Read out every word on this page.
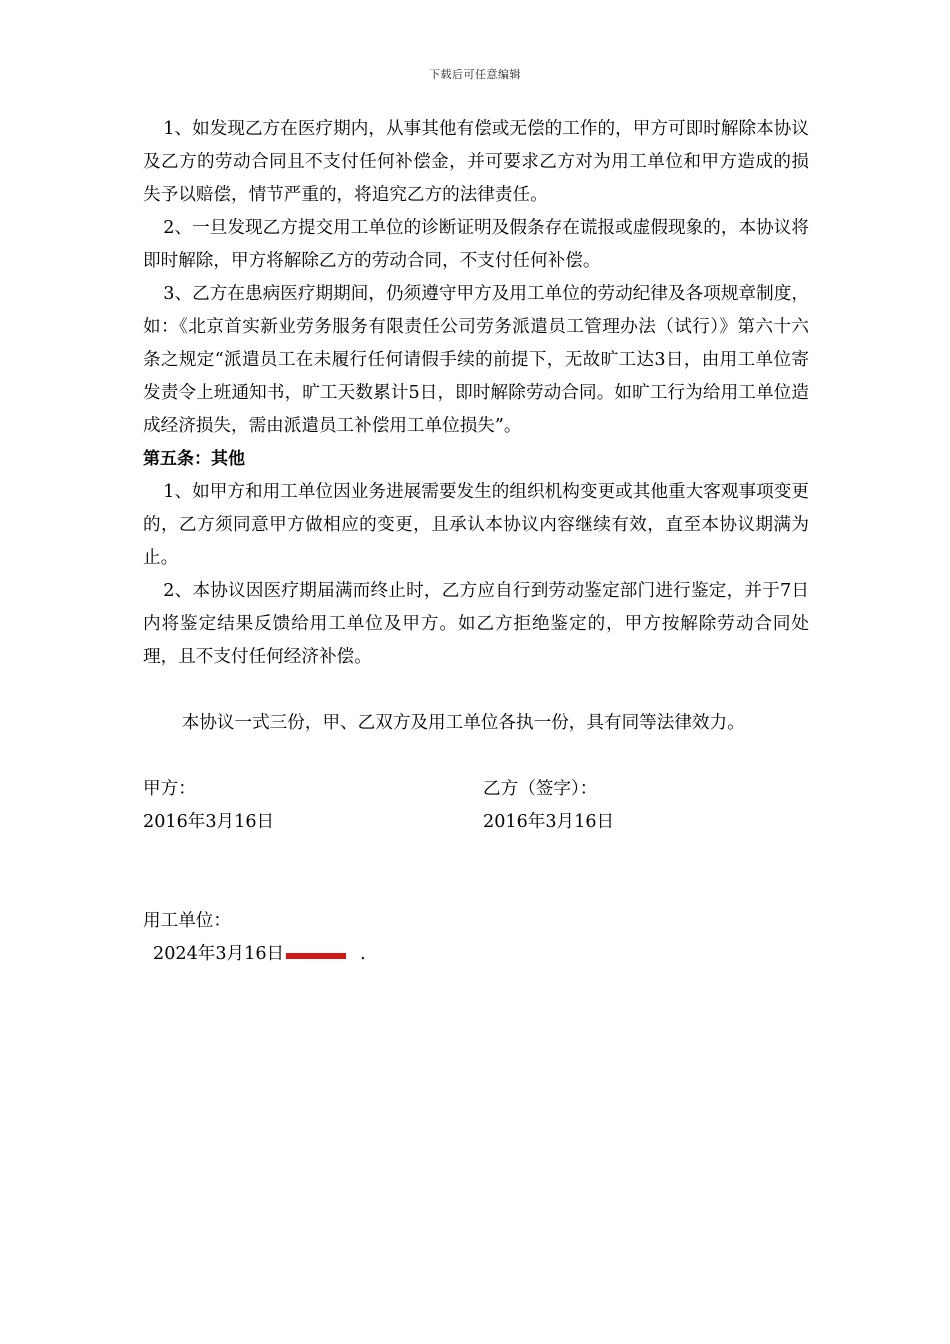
下载后可任意编辑

1、如发现乙方在医疗期内，从事其他有偿或无偿的工作的，甲方可即时解除本协议及乙方的劳动合同且不支付任何补偿金，并可要求乙方对为用工单位和甲方造成的损失予以赔偿，情节严重的，将追究乙方的法律责任。

2、一旦发现乙方提交用工单位的诊断证明及假条存在谎报或虚假现象的，本协议将即时解除，甲方将解除乙方的劳动合同，不支付任何补偿。

3、乙方在患病医疗期期间，仍须遵守甲方及用工单位的劳动纪律及各项规章制度，如：《北京首实新业劳务服务有限责任公司劳务派遣员工管理办法（试行）》第六十六条之规定“派遣员工在未履行任何请假手续的前提下，无故旷工达3日，由用工单位寄发责令上班通知书，旷工天数累计5日，即时解除劳动合同。如旷工行为给用工单位造成经济损失，需由派遣员工补偿用工单位损失”。

第五条：其他

1、如甲方和用工单位因业务进展需要发生的组织机构变更或其他重大客观事项变更的，乙方须同意甲方做相应的变更，且承认本协议内容继续有效，直至本协议期满为止。

2、本协议因医疗期届满而终止时，乙方应自行到劳动鉴定部门进行鉴定，并于7日内将鉴定结果反馈给用工单位及甲方。如乙方拒绝鉴定的，甲方按解除劳动合同处理，且不支付任何经济补偿。

本协议一式三份，甲、乙双方及用工单位各执一份，具有同等法律效力。

甲方：	乙方（签字）：
2016年3月16日	2016年3月16日
用工单位：
2024年3月16日	.
